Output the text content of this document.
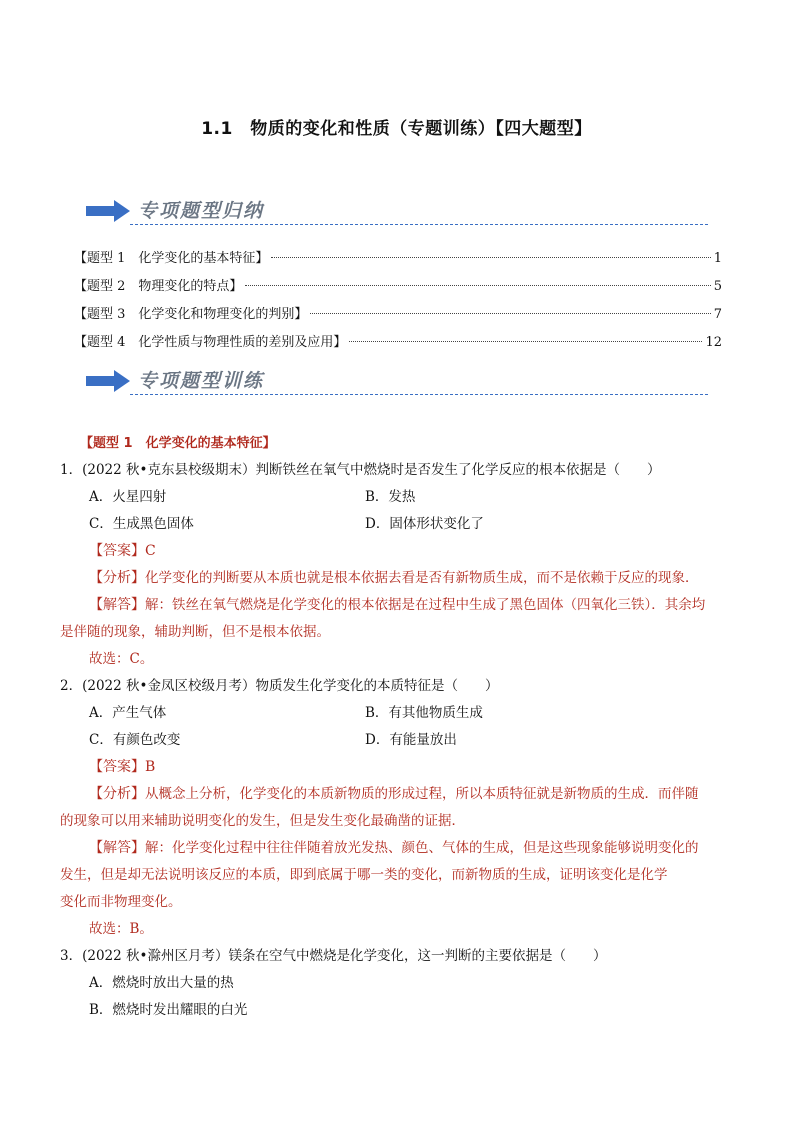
1.1　物质的变化和性质（专题训练）【四大题型】
专项题型归纳
【题型 1　化学变化的基本特征】	1
【题型 2　物理变化的特点】	5
【题型 3　化学变化和物理变化的判别】	7
【题型 4　化学性质与物理性质的差别及应用】	12
专项题型训练
【题型 1　化学变化的基本特征】
1．(2022 秋•克东县校级期末）判断铁丝在氧气中燃烧时是否发生了化学反应的根本依据是（　　）
A．火星四射	B．发热
C．生成黑色固体	D．固体形状变化了
【答案】C
【分析】化学变化的判断要从本质也就是根本依据去看是否有新物质生成，而不是依赖于反应的现象．
【解答】解：铁丝在氧气燃烧是化学变化的根本依据是在过程中生成了黑色固体（四氧化三铁）．其余均
是伴随的现象，辅助判断，但不是根本依据。
故选：C。
2．(2022 秋•金凤区校级月考）物质发生化学变化的本质特征是（　　）
A．产生气体	B．有其他物质生成
C．有颜色改变	D．有能量放出
【答案】B
【分析】从概念上分析，化学变化的本质新物质的形成过程，所以本质特征就是新物质的生成．而伴随
的现象可以用来辅助说明变化的发生，但是发生变化最确凿的证据．
【解答】解：化学变化过程中往往伴随着放光发热、颜色、气体的生成，但是这些现象能够说明变化的
发生，但是却无法说明该反应的本质，即到底属于哪一类的变化，而新物质的生成，证明该变化是化学
变化而非物理变化。
故选：B。
3．(2022 秋•滁州区月考）镁条在空气中燃烧是化学变化，这一判断的主要依据是（　　）
A．燃烧时放出大量的热
B．燃烧时发出耀眼的白光
